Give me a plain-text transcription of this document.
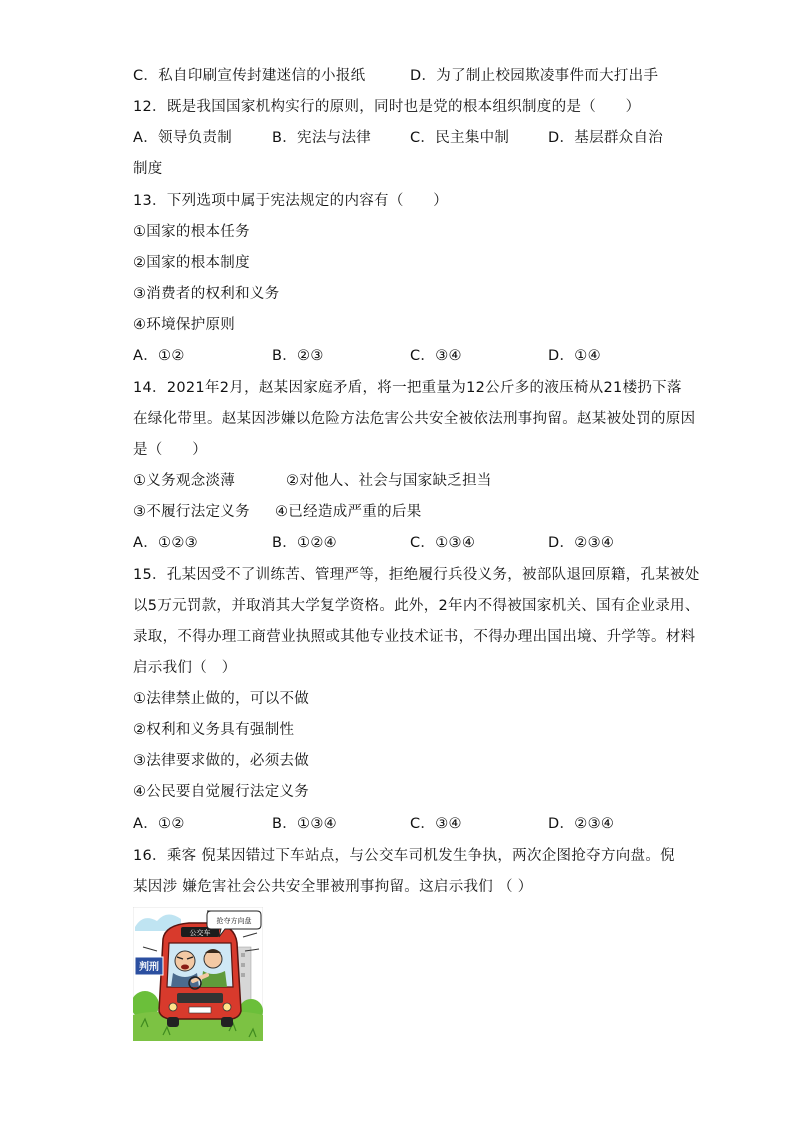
C．私自印刷宣传封建迷信的小报纸	D．为了制止校园欺凌事件而大打出手
12．既是我国国家机构实行的原则，同时也是党的根本组织制度的是（　　）
A．领导负责制	B．宪法与法律	C．民主集中制	D．基层群众自治
制度
13．下列选项中属于宪法规定的内容有（　　）
①国家的根本任务
②国家的根本制度
③消费者的权利和义务
④环境保护原则
A．①②	B．②③	C．③④	D．①④
14．2021年2月，赵某因家庭矛盾，将一把重量为12公斤多的液压椅从21楼扔下落
在绿化带里。赵某因涉嫌以危险方法危害公共安全被依法刑事拘留。赵某被处罚的原因
是（　　）
①义务观念淡薄	②对他人、社会与国家缺乏担当
③不履行法定义务 ④已经造成严重的后果
A．①②③	B．①②④	C．①③④	D．②③④
15．孔某因受不了训练苦、管理严等，拒绝履行兵役义务，被部队退回原籍，孔某被处
以5万元罚款，并取消其大学复学资格。此外，2年内不得被国家机关、国有企业录用、
录取，不得办理工商营业执照或其他专业技术证书，不得办理出国出境、升学等。材料
启示我们（　）
①法律禁止做的，可以不做
②权利和义务具有强制性
③法律要求做的，必须去做
④公民要自觉履行法定义务
A．①②	B．①③④	C．③④	D．②③④
16．乘客 倪某因错过下车站点，与公交车司机发生争执，两次企图抢夺方向盘。倪
某因涉 嫌危害社会公共安全罪被刑事拘留。这启示我们 （ ）
公交车
判刑
抢夺方向盘
